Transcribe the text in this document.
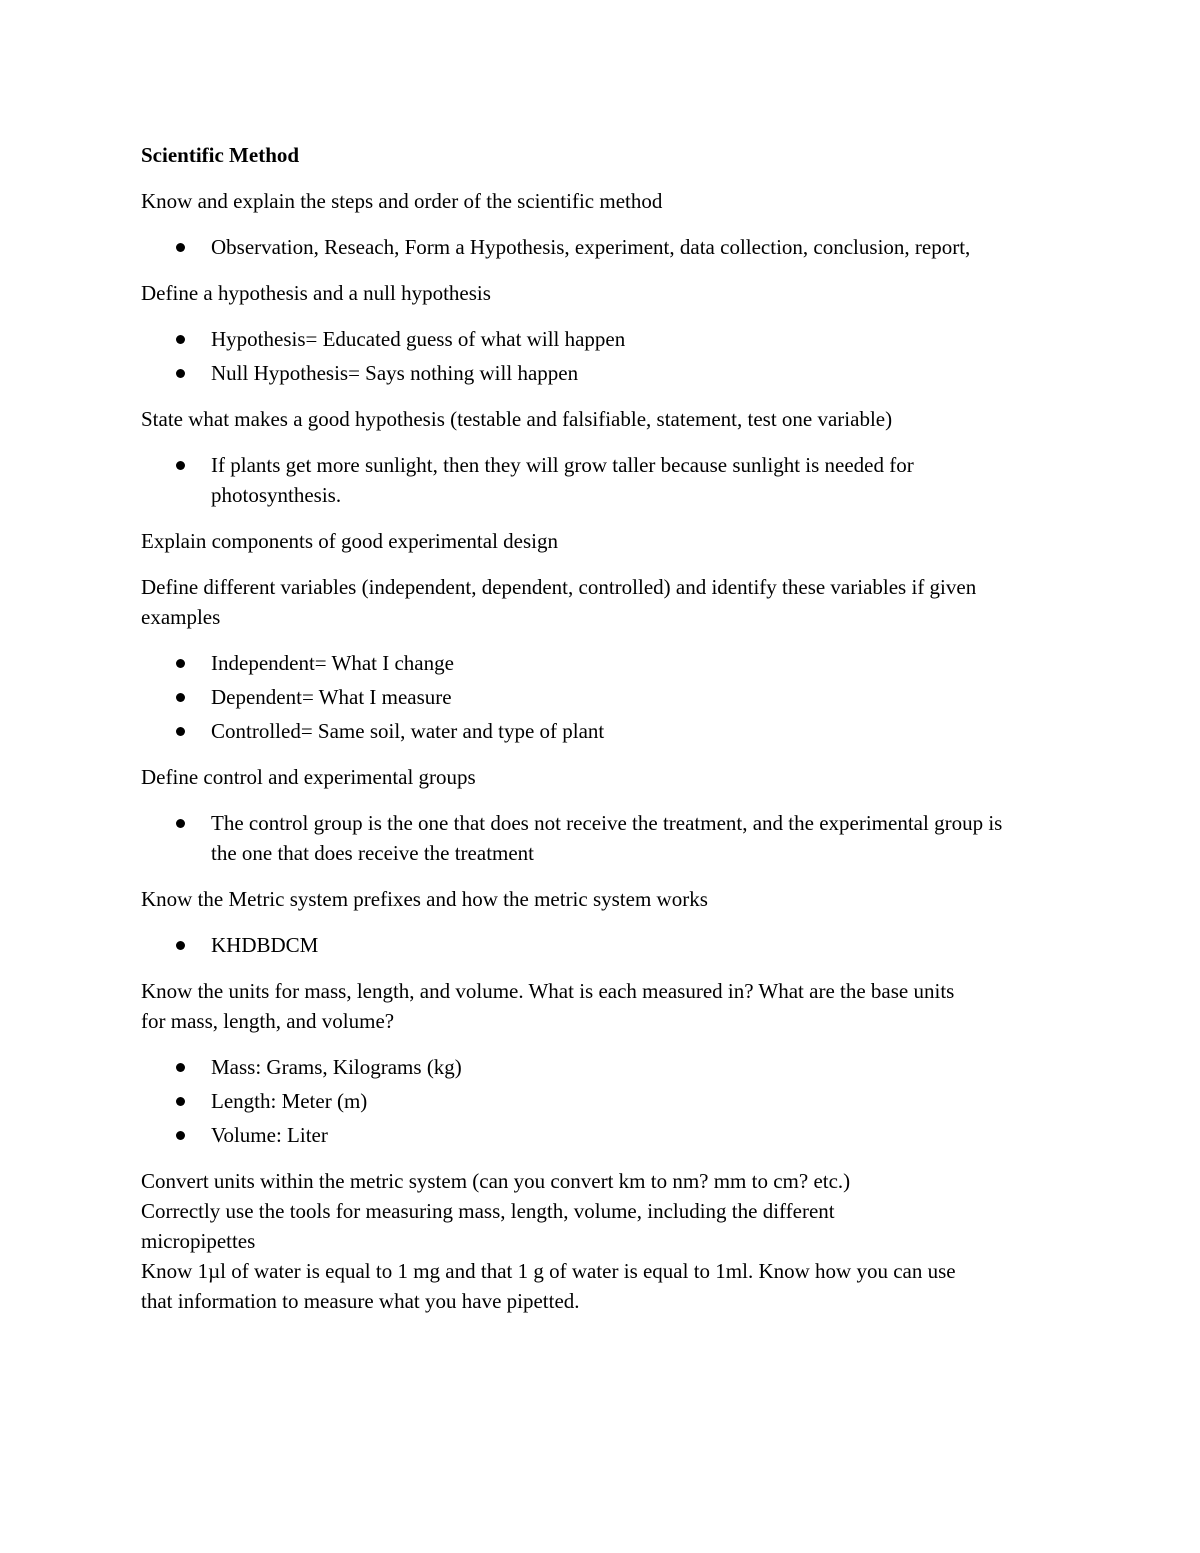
Scientific Method

Know and explain the steps and order of the scientific method

Observation, Reseach, Form a Hypothesis, experiment, data collection, conclusion, report,

Define a hypothesis and a null hypothesis

Hypothesis= Educated guess of what will happen
Null Hypothesis= Says nothing will happen

State what makes a good hypothesis (testable and falsifiable, statement, test one variable)

If plants get more sunlight, then they will grow taller because sunlight is needed for photosynthesis.

Explain components of good experimental design

Define different variables (independent, dependent, controlled) and identify these variables if given examples

Independent= What I change
Dependent= What I measure
Controlled= Same soil, water and type of plant

Define control and experimental groups

The control group is the one that does not receive the treatment, and the experimental group is the one that does receive the treatment

Know the Metric system prefixes and how the metric system works

KHDBDCM

Know the units for mass, length, and volume. What is each measured in? What are the base units for mass, length, and volume?

Mass: Grams, Kilograms (kg)
Length: Meter (m)
Volume: Liter

Convert units within the metric system (can you convert km to nm? mm to cm? etc.)

Correctly use the tools for measuring mass, length, volume, including the different micropipettes

Know 1µl of water is equal to 1 mg and that 1 g of water is equal to 1ml. Know how you can use that information to measure what you have pipetted.
